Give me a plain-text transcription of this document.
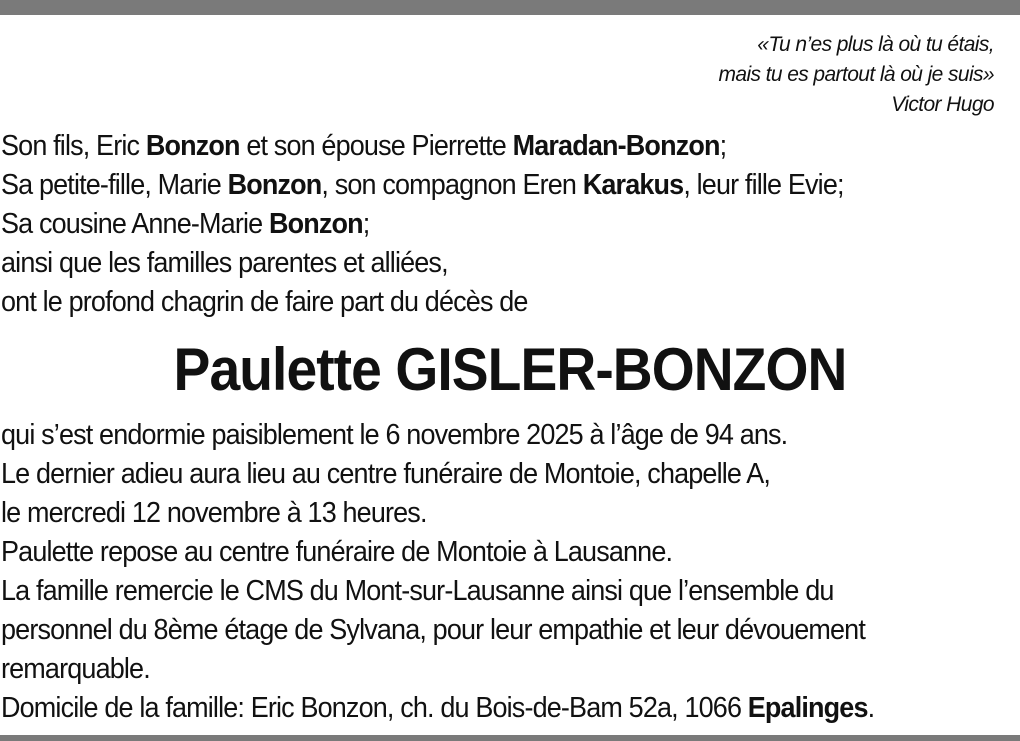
«Tu n’es plus là où tu étais,
mais tu es partout là où je suis»
Victor Hugo
Son fils, Eric Bonzon et son épouse Pierrette Maradan-Bonzon;
Sa petite-fille, Marie Bonzon, son compagnon Eren Karakus, leur fille Evie;
Sa cousine Anne-Marie Bonzon;
ainsi que les familles parentes et alliées,
ont le profond chagrin de faire part du décès de
Paulette GISLER-BONZON
qui s’est endormie paisiblement le 6 novembre 2025 à l’âge de 94 ans.
Le dernier adieu aura lieu au centre funéraire de Montoie, chapelle A,
le mercredi 12 novembre à 13 heures.
Paulette repose au centre funéraire de Montoie à Lausanne.
La famille remercie le CMS du Mont-sur-Lausanne ainsi que l’ensemble du
personnel du 8ème étage de Sylvana, pour leur empathie et leur dévouement
remarquable.
Domicile de la famille: Eric Bonzon, ch. du Bois-de-Bam 52a, 1066 Epalinges.
